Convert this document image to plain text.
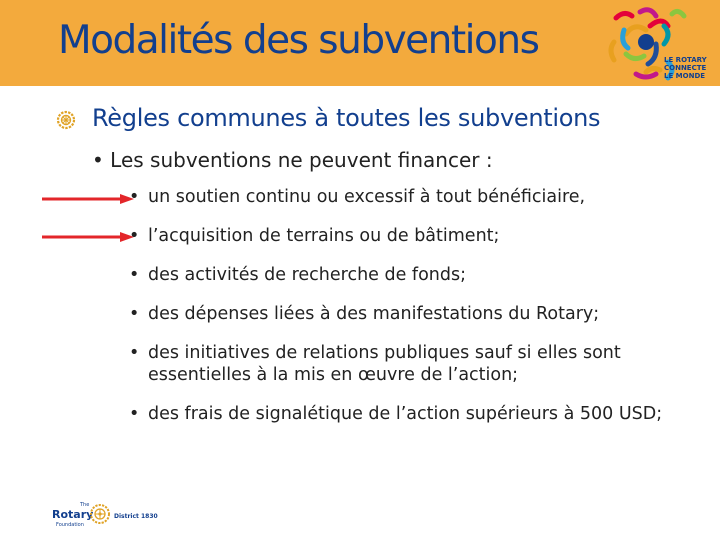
Modalités des subventions	LE ROTARY
CONNECTE
LE MONDE
Règles communes à toutes les subventions
• Les subventions ne peuvent financer :
• un soutien continu ou excessif à tout bénéficiaire,
• l’acquisition de terrains ou de bâtiment;
• des activités de recherche de fonds;
• des dépenses liées à des manifestations du Rotary;
• des initiatives de relations publiques sauf si elles sont essentielles à la mis en œuvre de l’action;
• des frais de signalétique de l’action supérieurs à 500 USD;
The
Rotary
Foundation
District 1830
